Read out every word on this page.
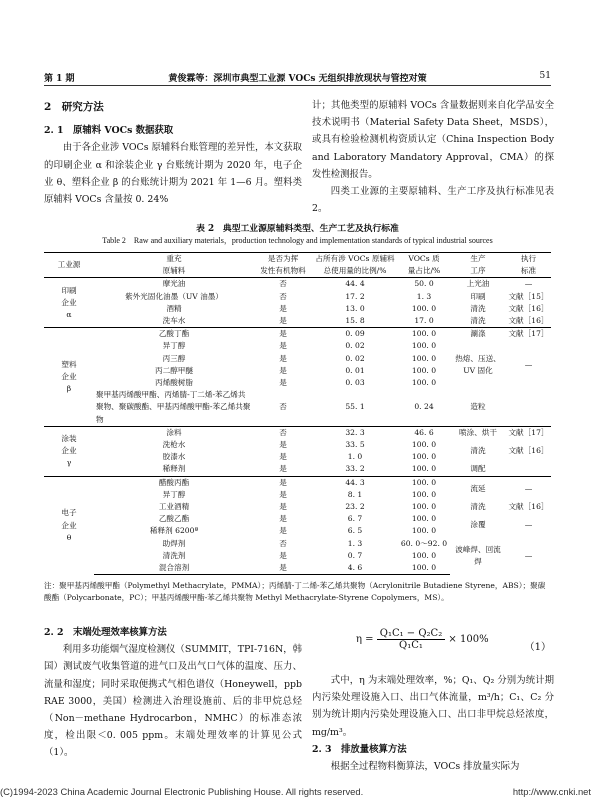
第 1 期	黄俊霖等：深圳市典型工业源 VOCs 无组织排放现状与管控对策	51
2　研究方法
2. 1　原辅料 VOCs 数据获取

由于各企业涉 VOCs 原辅料台账管理的差异性，本文获取的印刷企业 α 和涂装企业 γ 台账统计期为 2020 年，电子企业 θ、塑料企业 β 的台账统计期为 2021 年 1—6 月。塑料类原辅料 VOCs 含量按 0. 24%

计；其他类型的原辅料 VOCs 含量数据则来自化学品安全技术说明书（Material Safety Data Sheet，MSDS），或具有检验检测机构资质认定（China Inspection Body and Laboratory Mandatory Approval，CMA）的探发性检测报告。

四类工业源的主要原辅料、生产工序及执行标准见表 2。

表 2　典型工业源原辅料类型、生产工艺及执行标准
Table 2　Raw and auxiliary materials，production technology and implementation standards of typical industrial sources
工业源	重充	是否为挥	占所有涉 VOCs 原辅料	VOCs 质	生产	执行
	原辅料	发性有机物料	总使用量的比例/%	量占比/%	工序	标准
印刷
企业
α	摩光油	否	44. 4	50. 0	上光油	—
	紫外光固化油墨（UV 油墨）	否	17. 2	1. 3	印刷	文献［15］
	酒精	是	13. 0	100. 0	清洗	文献［16］
	洗车水	是	15. 8	17. 0	清洗	文献［16］
塑料
企业
β	乙酸丁酯	是	0. 09	100. 0	涮涤	文献［17］
	异丁醇	是	0. 02	100. 0	热熔、压送、UV 固化	—
	丙三醇	是	0. 02	100. 0		
	丙二醇甲醚	是	0. 01	100. 0		
	丙烯酸树脂	是	0. 03	100. 0		
	聚甲基丙烯酸甲酯、丙烯腈-丁二烯-苯乙烯共聚物、聚碳酸酯、甲基丙烯酸甲酯-苯乙烯共聚物	否	55. 1	0. 24	造粒	

涂装
企业
γ	涂料	否	32. 3	46. 6	喷涂、烘干	文献［17］
	洗枪水	是	33. 5	100. 0	清洗	文献［16］
	胶漆水	是	1. 0	100. 0		
	稀释剂	是	33. 2	100. 0	调配	
电子
企业
θ	醋酸丙酯	是	44. 3	100. 0	流延	—
	异丁醇	是	8. 1	100. 0		
	工业酒精	是	23. 2	100. 0	清洗	文献［16］
	乙酸乙酯	是	6. 7	100. 0	涂覆	—
	稀释剂 6200ª	是	6. 5	100. 0		
	助焊剂	否	1. 3	60. 0～92. 0	波峰焊、回流焊	—
	清洗剂	是	0. 7	100. 0		
	混合溶剂	是	4. 6	100. 0		
注：聚甲基丙烯酸甲酯（Polymethyl Methacrylate，PMMA）；丙烯腈-丁二烯-苯乙烯共聚物（Acrylonitrile Butadiene Styrene，ABS）；聚碳酸酯（Polycarbonate，PC）；甲基丙烯酸甲酯-苯乙烯共聚物 Methyl Methacrylate-Styrene Copolymers，MS）。
2. 2　末端处理效率核算方法

利用多功能烟气湿度检测仪（SUMMIT，TPI-716N，韩国）测试废气收集管道的进气口及出气口气体的温度、压力、流量和湿度；同时采取便携式气相色谱仪（Honeywell，ppb RAE 3000，美国）检测进入治理设施前、后的非甲烷总烃（Non－methane Hydrocarbon，NMHC）的标准态浓度，检出限＜0. 005 ppm。末端处理效率的计算见公式（1）。

$\eta = \frac{\text{Q₁C₁ − Q₂C₂}}{\text{Q₁C₁}} \times 100\%$
（1）

式中，η 为末端处理效率，%；Q₁、Q₂ 分别为统计期内污染处理设施入口、出口气体流量，m³/h；C₁、C₂ 分别为统计期内污染处理设施入口、出口非甲烷总烃浓度，mg/m³。

2. 3　排放量核算方法

根据全过程物料衡算法，VOCs 排放量实际为

(C)1994-2023 China Academic Journal Electronic Publishing House. All rights reserved.	http://www.cnki.net
